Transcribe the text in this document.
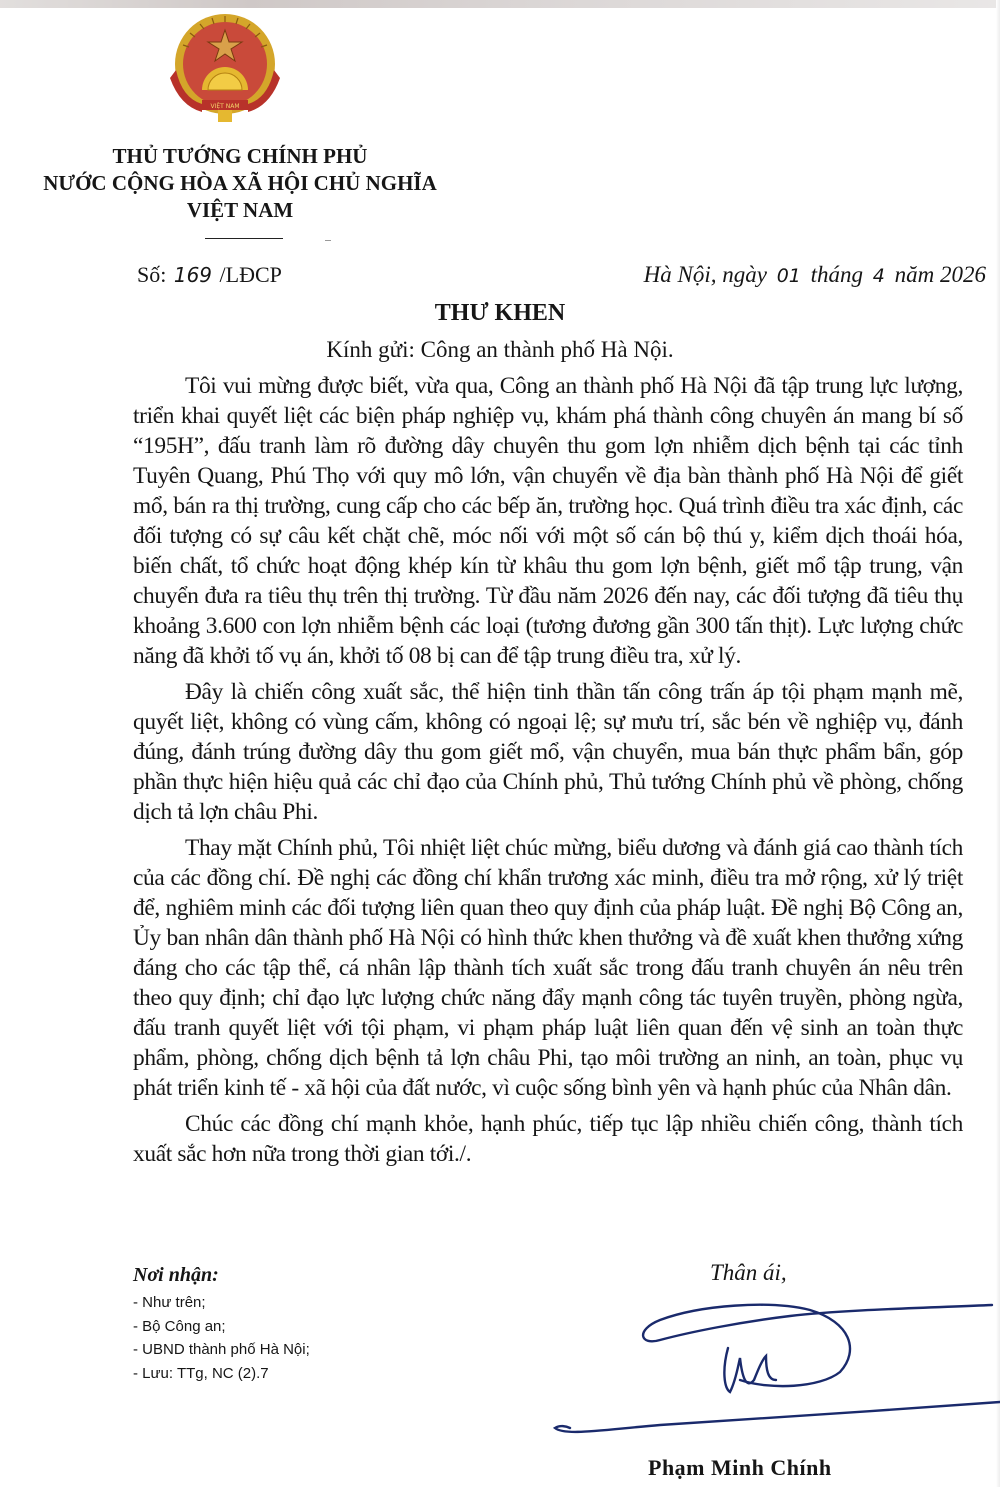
VIỆT NAM
THỦ TƯỚNG CHÍNH PHỦ
NƯỚC CỘNG HÒA XÃ HỘI CHỦ NGHĨA
VIỆT NAM
Số: 169 /LĐCP	Hà Nội, ngày 01 tháng 4 năm 2026
THƯ KHEN
Kính gửi: Công an thành phố Hà Nội.

Tôi vui mừng được biết, vừa qua, Công an thành phố Hà Nội đã tập trung lực lượng, triển khai quyết liệt các biện pháp nghiệp vụ, khám phá thành công chuyên án mang bí số “195H”, đấu tranh làm rõ đường dây chuyên thu gom lợn nhiễm dịch bệnh tại các tỉnh Tuyên Quang, Phú Thọ với quy mô lớn, vận chuyển về địa bàn thành phố Hà Nội để giết mổ, bán ra thị trường, cung cấp cho các bếp ăn, trường học. Quá trình điều tra xác định, các đối tượng có sự câu kết chặt chẽ, móc nối với một số cán bộ thú y, kiểm dịch thoái hóa, biến chất, tổ chức hoạt động khép kín từ khâu thu gom lợn bệnh, giết mổ tập trung, vận chuyển đưa ra tiêu thụ trên thị trường. Từ đầu năm 2026 đến nay, các đối tượng đã tiêu thụ khoảng 3.600 con lợn nhiễm bệnh các loại (tương đương gần 300 tấn thịt). Lực lượng chức năng đã khởi tố vụ án, khởi tố 08 bị can để tập trung điều tra, xử lý.

Đây là chiến công xuất sắc, thể hiện tinh thần tấn công trấn áp tội phạm mạnh mẽ, quyết liệt, không có vùng cấm, không có ngoại lệ; sự mưu trí, sắc bén về nghiệp vụ, đánh đúng, đánh trúng đường dây thu gom giết mổ, vận chuyển, mua bán thực phẩm bẩn, góp phần thực hiện hiệu quả các chỉ đạo của Chính phủ, Thủ tướng Chính phủ về phòng, chống dịch tả lợn châu Phi.

Thay mặt Chính phủ, Tôi nhiệt liệt chúc mừng, biểu dương và đánh giá cao thành tích của các đồng chí. Đề nghị các đồng chí khẩn trương xác minh, điều tra mở rộng, xử lý triệt để, nghiêm minh các đối tượng liên quan theo quy định của pháp luật. Đề nghị Bộ Công an, Ủy ban nhân dân thành phố Hà Nội có hình thức khen thưởng và đề xuất khen thưởng xứng đáng cho các tập thể, cá nhân lập thành tích xuất sắc trong đấu tranh chuyên án nêu trên theo quy định; chỉ đạo lực lượng chức năng đẩy mạnh công tác tuyên truyền, phòng ngừa, đấu tranh quyết liệt với tội phạm, vi phạm pháp luật liên quan đến vệ sinh an toàn thực phẩm, phòng, chống dịch bệnh tả lợn châu Phi, tạo môi trường an ninh, an toàn, phục vụ phát triển kinh tế - xã hội của đất nước, vì cuộc sống bình yên và hạnh phúc của Nhân dân.

Chúc các đồng chí mạnh khỏe, hạnh phúc, tiếp tục lập nhiều chiến công, thành tích xuất sắc hơn nữa trong thời gian tới./.

Nơi nhận:
- Như trên;
- Bộ Công an;
- UBND thành phố Hà Nội;
- Lưu: TTg, NC (2).7
Thân ái,
Phạm Minh Chính
